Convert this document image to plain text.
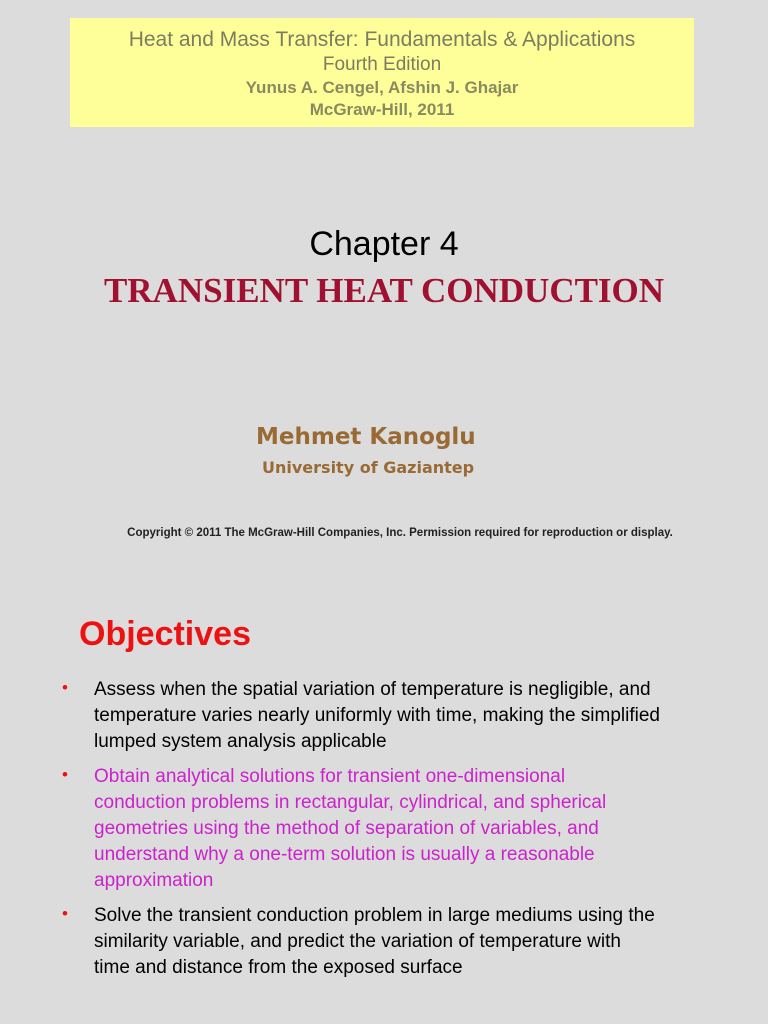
Heat and Mass Transfer: Fundamentals & Applications
Fourth Edition
Yunus A. Cengel, Afshin J. Ghajar
McGraw-Hill, 2011
Chapter 4
TRANSIENT HEAT CONDUCTION
Mehmet Kanoglu
University of Gaziantep
Copyright © 2011 The McGraw-Hill Companies, Inc. Permission required for reproduction or display.
Objectives
• Assess when the spatial variation of temperature is negligible, and temperature varies nearly uniformly with time, making the simplified lumped system analysis applicable
• Obtain analytical solutions for transient one-dimensional conduction problems in rectangular, cylindrical, and spherical geometries using the method of separation of variables, and understand why a one-term solution is usually a reasonable approximation
• Solve the transient conduction problem in large mediums using the similarity variable, and predict the variation of temperature with time and distance from the exposed surface
